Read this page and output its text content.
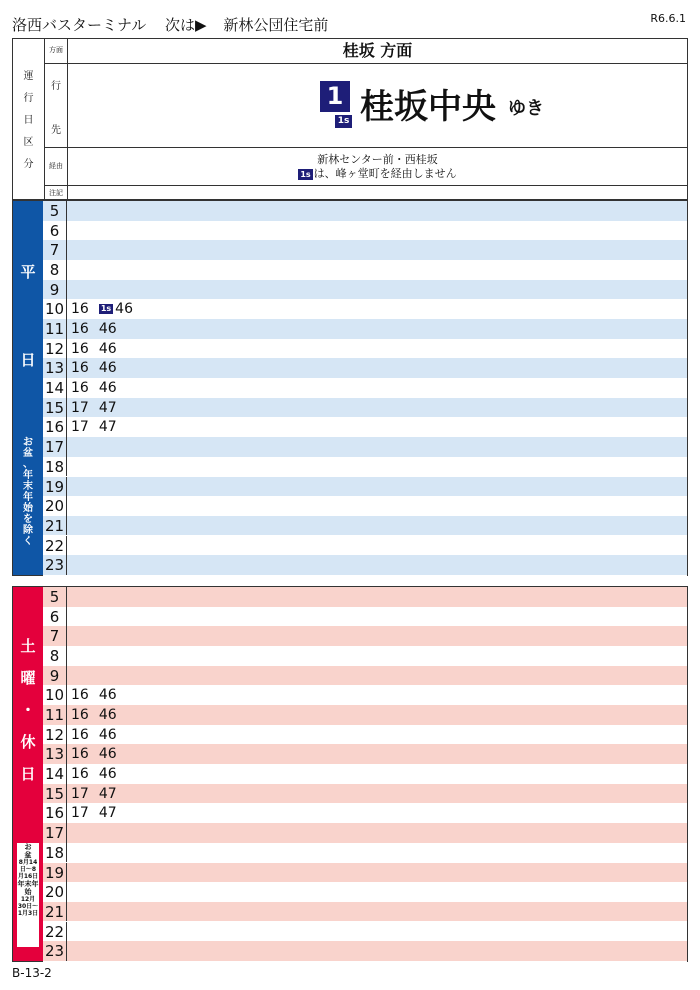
洛西バスターミナル 次は▶ 新林公団住宅前	R6.6.1
運
行
日
区
分
方面
行
先
経由
注記
桂坂 方面
1
1s 桂坂中央 ゆき
新林センター前・西桂坂
1s は、峰ヶ堂町を経由しません
平
日
お
盆
、
年
末
年
始
を
除
く
5
6
7
8
9
10 16 1s 46
11 16 46
12 16 46
13 16 46
14 16 46
15 17 47
16 17 47
17
18
19
20
21
22
23
土
曜
・
休
日
お
盆
8月14日〜8月16日
年末年始
12月30日〜1月3日
5
6
7
8
9
10 16 46
11 16 46
12 16 46
13 16 46
14 16 46
15 17 47
16 17 47
17
18
19
20
21
22
23
B-13-2
